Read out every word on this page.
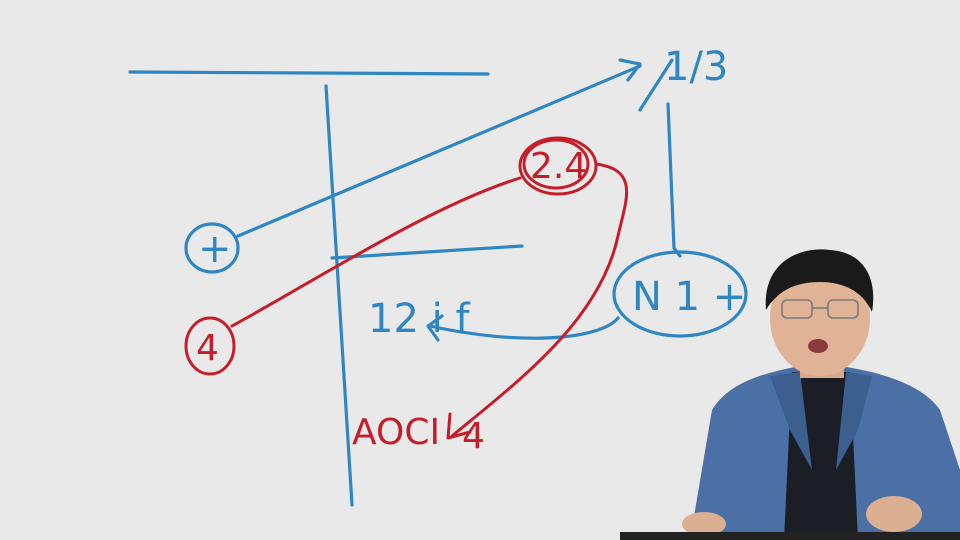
1/3
+
N 1 +
12 i f
2.4
4
AOCI 4
